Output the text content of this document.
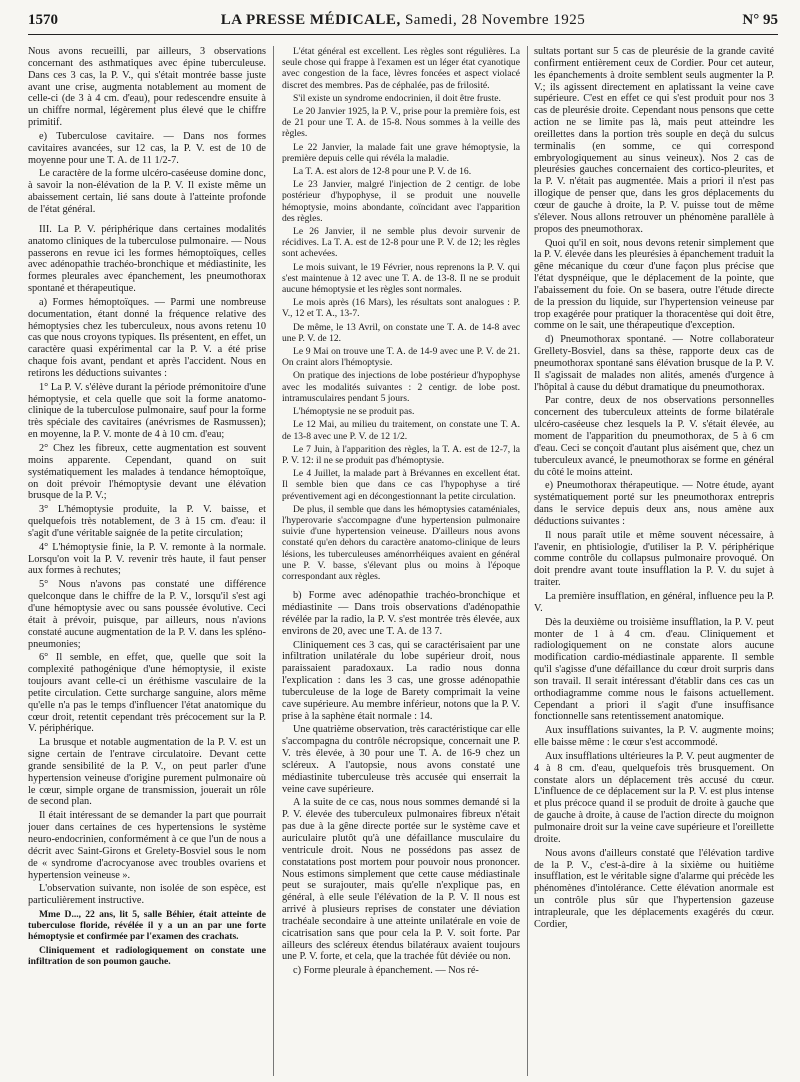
1570	LA PRESSE MÉDICALE, Samedi, 28 Novembre 1925	N° 95

Nous avons recueilli, par ailleurs, 3 observations concernant des asthmatiques avec épine tuberculeuse. Dans ces 3 cas, la P. V., qui s'était montrée basse juste avant une crise, augmenta notablement au moment de celle-ci (de 3 à 4 cm. d'eau), pour redescendre ensuite à un chiffre normal, légèrement plus élevé que le chiffre primitif.

e) Tuberculose cavitaire. — Dans nos formes cavitaires avancées, sur 12 cas, la P. V. est de 10 de moyenne pour une T. A. de 11 1/2-7.

Le caractère de la forme ulcéro-caséeuse domine donc, à savoir la non-élévation de la P. V. Il existe même un abaissement certain, lié sans doute à l'atteinte profonde de l'état général.

III. La P. V. périphérique dans certaines modalités anatomo cliniques de la tuberculose pulmonaire. — Nous passerons en revue ici les formes hémoptoïques, celles avec adénopathie trachéo-bronchique et médiastinite, les formes pleurales avec épanchement, les pneumothorax spontané et thérapeutique.

a) Formes hémoptoïques. — Parmi une nombreuse documentation, étant donné la fréquence relative des hémoptysies chez les tuberculeux, nous avons retenu 10 cas que nous croyons typiques. Ils présentent, en effet, un caractère quasi expérimental car la P. V. a été prise chaque fois avant, pendant et après l'accident. Nous en retirons les déductions suivantes :

1° La P. V. s'élève durant la période prémonitoire d'une hémoptysie, et cela quelle que soit la forme anatomo-clinique de la tuberculose pulmonaire, sauf pour la forme très spéciale des cavitaires (anévrismes de Rasmussen); en moyenne, la P. V. monte de 4 à 10 cm. d'eau;

2° Chez les fibreux, cette augmentation est souvent moins apparente. Cependant, quand on suit systématiquement les malades à tendance hémoptoïque, on doit prévoir l'hémoptysie devant une élévation brusque de la P. V.;

3° L'hémoptysie produite, la P. V. baisse, et quelquefois très notablement, de 3 à 15 cm. d'eau: il s'agit d'une véritable saignée de la petite circulation;

4° L'hémoptysie finie, la P. V. remonte à la normale. Lorsqu'on voit la P. V. revenir très haute, il faut penser aux formes à rechutes;

5° Nous n'avons pas constaté une différence quelconque dans le chiffre de la P. V., lorsqu'il s'est agi d'une hémoptysie avec ou sans poussée évolutive. Ceci était à prévoir, puisque, par ailleurs, nous n'avions constaté aucune augmentation de la P. V. dans les spléno-pneumonies;

6° Il semble, en effet, que, quelle que soit la complexité pathogénique d'une hémoptysie, il existe toujours avant celle-ci un éréthisme vasculaire de la petite circulation. Cette surcharge sanguine, alors même qu'elle n'a pas le temps d'influencer l'état anatomique du cœur droit, retentit cependant très précocement sur la P. V. périphérique.

La brusque et notable augmentation de la P. V. est un signe certain de l'entrave circulatoire. Devant cette grande sensibilité de la P. V., on peut parler d'une hypertension veineuse d'origine purement pulmonaire où le cœur, simple organe de transmission, jouerait un rôle de second plan.

Il était intéressant de se demander la part que pourrait jouer dans certaines de ces hypertensions le système neuro-endocrinien, conformément à ce que l'un de nous a décrit avec Saint-Girons et Grelety-Bosviel sous le nom de « syndrome d'acrocyanose avec troubles ovariens et hypertension veineuse ».

L'observation suivante, non isolée de son espèce, est particulièrement instructive.

Mme D..., 22 ans, lit 5, salle Béhier, était atteinte de tuberculose floride, révélée il y a un an par une forte hémoptysie et confirmée par l'examen des crachats.

Cliniquement et radiologiquement on constate une infiltration de son poumon gauche.

L'état général est excellent. Les règles sont régulières. La seule chose qui frappe à l'examen est un léger état cyanotique avec congestion de la face, lèvres foncées et aspect violacé discret des membres. Pas de céphalée, pas de frilosité.

S'il existe un syndrome endocrinien, il doit être fruste.

Le 20 Janvier 1925, la P. V., prise pour la première fois, est de 21 pour une T. A. de 15-8. Nous sommes à la veille des règles.

Le 22 Janvier, la malade fait une grave hémoptysie, la première depuis celle qui révéla la maladie.

La T. A. est alors de 12-8 pour une P. V. de 16.

Le 23 Janvier, malgré l'injection de 2 centigr. de lobe postérieur d'hypophyse, il se produit une nouvelle hémoptysie, moins abondante, coïncidant avec l'apparition des règles.

Le 26 Janvier, il ne semble plus devoir survenir de récidives. La T. A. est de 12-8 pour une P. V. de 12; les règles sont achevées.

Le mois suivant, le 19 Février, nous reprenons la P. V. qui s'est maintenue à 12 avec une T. A. de 13-8. Il ne se produit aucune hémoptysie et les règles sont normales.

Le mois après (16 Mars), les résultats sont analogues : P. V., 12 et T. A., 13-7.

De même, le 13 Avril, on constate une T. A. de 14-8 avec une P. V. de 12.

Le 9 Mai on trouve une T. A. de 14-9 avec une P. V. de 21. On craint alors l'hémoptysie.

On pratique des injections de lobe postérieur d'hypophyse avec les modalités suivantes : 2 centigr. de lobe post. intramusculaires pendant 5 jours.

L'hémoptysie ne se produit pas.

Le 12 Mai, au milieu du traitement, on constate une T. A. de 13-8 avec une P. V. de 12 1/2.

Le 7 Juin, à l'apparition des règles, la T. A. est de 12-7, la P. V. 12: il ne se produit pas d'hémoptysie.

Le 4 Juillet, la malade part à Brévannes en excellent état. Il semble bien que dans ce cas l'hypophyse a tiré préventivement agi en décongestionnant la petite circulation.

De plus, il semble que dans les hémoptysies cataméniales, l'hyperovarie s'accompagne d'une hypertension pulmonaire suivie d'une hypertension veineuse. D'ailleurs nous avons constaté qu'en dehors du caractère anatomo-clinique de leurs lésions, les tuberculeuses aménorrhéiques avaient en général une P. V. basse, s'élevant plus ou moins à l'époque correspondant aux règles.

b) Forme avec adénopathie trachéo-bronchique et médiastinite — Dans trois observations d'adénopathie révélée par la radio, la P. V. s'est montrée très élevée, aux environs de 20, avec une T. A. de 13 7.

Cliniquement ces 3 cas, qui se caractérisaient par une infiltration unilatérale du lobe supérieur droit, nous paraissaient paradoxaux. La radio nous donna l'explication : dans les 3 cas, une grosse adénopathie tuberculeuse de la loge de Barety comprimait la veine cave supérieure. Au membre inférieur, notons que la P. V. prise à la saphène était normale : 14.

Une quatrième observation, très caractéristique car elle s'accompagna du contrôle nécropsique, concernait une P. V. très élevée, à 30 pour une T. A. de 16-9 chez un scléreux. A l'autopsie, nous avons constaté une médiastinite tuberculeuse très accusée qui enserrait la veine cave supérieure.

A la suite de ce cas, nous nous sommes demandé si la P. V. élevée des tuberculeux pulmonaires fibreux n'était pas due à la gêne directe portée sur le système cave et auriculaire plutôt qu'à une défaillance musculaire du ventricule droit. Nous ne possédons pas assez de constatations post mortem pour pouvoir nous prononcer. Nous estimons simplement que cette cause médiastinale peut se surajouter, mais qu'elle n'explique pas, en général, à elle seule l'élévation de la P. V. Il nous est arrivé à plusieurs reprises de constater une déviation trachéale secondaire à une atteinte unilatérale en voie de cicatrisation sans que pour cela la P. V. soit forte. Par ailleurs des scléreux étendus bilatéraux avaient toujours une P. V. forte, et cela, que la trachée fût déviée ou non.

c) Forme pleurale à épanchement. — Nos ré-

sultats portant sur 5 cas de pleurésie de la grande cavité confirment entièrement ceux de Cordier. Pour cet auteur, les épanchements à droite semblent seuls augmenter la P. V.; ils agissent directement en aplatissant la veine cave supérieure. C'est en effet ce qui s'est produit pour nos 3 cas de pleurésie droite. Cependant nous pensons que cette action ne se limite pas là, mais peut atteindre les oreillettes dans la portion très souple en deçà du sulcus terminalis (en somme, ce qui correspond embryologiquement au sinus veineux). Nos 2 cas de pleurésies gauches concernaient des cortico-pleurites, et la P. V. n'était pas augmentée. Mais a priori il n'est pas illogique de penser que, dans les gros déplacements du cœur de gauche à droite, la P. V. puisse tout de même s'élever. Nous allons retrouver un phénomène parallèle à propos des pneumothorax.

Quoi qu'il en soit, nous devons retenir simplement que la P. V. élevée dans les pleurésies à épanchement traduit la gêne mécanique du cœur d'une façon plus précise que l'état dyspnéique, que le déplacement de la pointe, que l'abaissement du foie. On se basera, outre l'étude directe de la pression du liquide, sur l'hypertension veineuse par trop exagérée pour pratiquer la thoracentèse qui doit être, comme on le sait, une thérapeutique d'exception.

d) Pneumothorax spontané. — Notre collaborateur Grellety-Bosviel, dans sa thèse, rapporte deux cas de pneumothorax spontané sans élévation brusque de la P. V. Il s'agissait de malades non alités, amenés d'urgence à l'hôpital à cause du début dramatique du pneumothorax.

Par contre, deux de nos observations personnelles concernent des tuberculeux atteints de forme bilatérale ulcéro-caséeuse chez lesquels la P. V. s'était élevée, au moment de l'apparition du pneumothorax, de 5 à 6 cm d'eau. Ceci se conçoit d'autant plus aisément que, chez un tuberculeux avancé, le pneumothorax se forme en général du côté le moins atteint.

e) Pneumothorax thérapeutique. — Notre étude, ayant systématiquement porté sur les pneumothorax entrepris dans le service depuis deux ans, nous amène aux déductions suivantes :

Il nous paraît utile et même souvent nécessaire, à l'avenir, en phtisiologie, d'utiliser la P. V. périphérique comme contrôle du collapsus pulmonaire provoqué. On doit prendre avant toute insufflation la P. V. du sujet à traiter.

La première insufflation, en général, influence peu la P. V.

Dès la deuxième ou troisième insufflation, la P. V. peut monter de 1 à 4 cm. d'eau. Cliniquement et radiologiquement on ne constate alors aucune modification cardio-médiastinale apparente. Il semble qu'il s'agisse d'une défaillance du cœur droit surpris dans son travail. Il serait intéressant d'établir dans ces cas un orthodiagramme comme nous le faisons actuellement. Cependant a priori il s'agit d'une insuffisance fonctionnelle sans retentissement anatomique.

Aux insufflations suivantes, la P. V. augmente moins; elle baisse même : le cœur s'est accommodé.

Aux insufflations ultérieures la P. V. peut augmenter de 4 à 8 cm. d'eau, quelquefois très brusquement. On constate alors un déplacement très accusé du cœur. L'influence de ce déplacement sur la P. V. est plus intense et plus précoce quand il se produit de droite à gauche que de gauche à droite, à cause de l'action directe du moignon pulmonaire droit sur la veine cave supérieure et l'oreillette droite.

Nous avons d'ailleurs constaté que l'élévation tardive de la P. V., c'est-à-dire à la sixième ou huitième insufflation, est le véritable signe d'alarme qui précède les phénomènes d'intolérance. Cette élévation anormale est un contrôle plus sûr que l'hypertension gazeuse intrapleurale, que les déplacements exagérés du cœur. Cordier,
